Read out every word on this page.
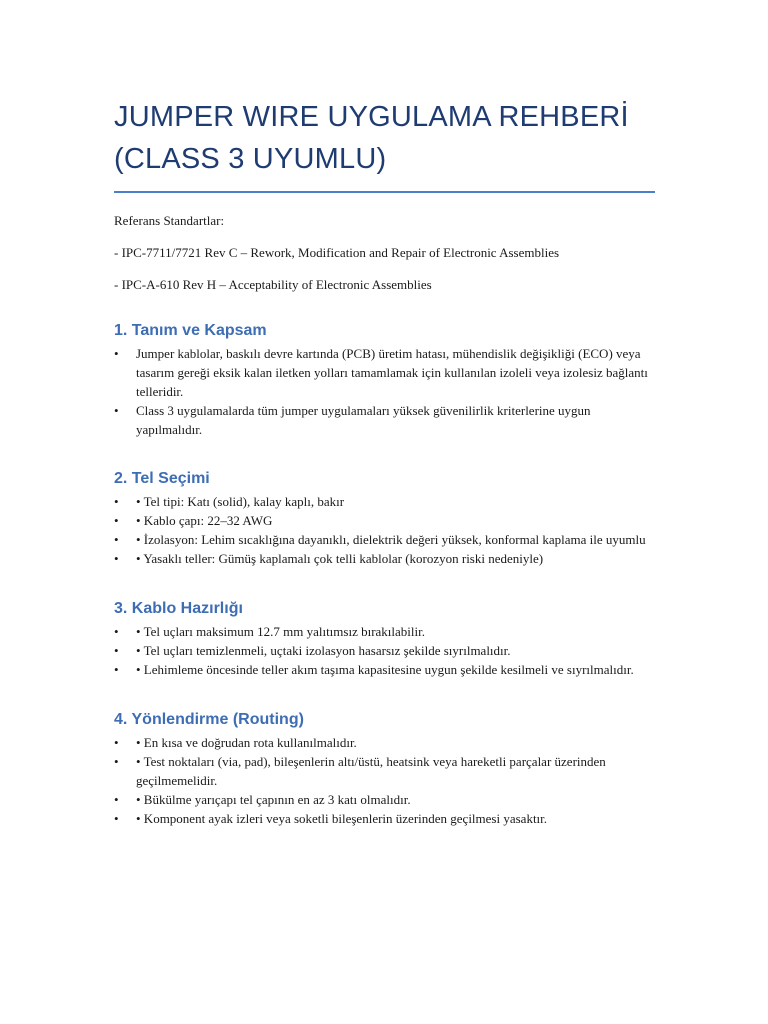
JUMPER WIRE UYGULAMA REHBERİ
(CLASS 3 UYUMLU)

Referans Standartlar:

- IPC-7711/7721 Rev C – Rework, Modification and Repair of Electronic Assemblies

- IPC-A-610 Rev H – Acceptability of Electronic Assemblies

1. Tanım ve Kapsam
• Jumper kablolar, baskılı devre kartında (PCB) üretim hatası, mühendislik değişikliği (ECO) veya tasarım gereği eksik kalan iletken yolları tamamlamak için kullanılan izoleli veya izolesiz bağlantı telleridir.
• Class 3 uygulamalarda tüm jumper uygulamaları yüksek güvenilirlik kriterlerine uygun yapılmalıdır.
2. Tel Seçimi
• • Tel tipi: Katı (solid), kalay kaplı, bakır
• • Kablo çapı: 22–32 AWG
• • İzolasyon: Lehim sıcaklığına dayanıklı, dielektrik değeri yüksek, konformal kaplama ile uyumlu
• • Yasaklı teller: Gümüş kaplamalı çok telli kablolar (korozyon riski nedeniyle)
3. Kablo Hazırlığı
• • Tel uçları maksimum 12.7 mm yalıtımsız bırakılabilir.
• • Tel uçları temizlenmeli, uçtaki izolasyon hasarsız şekilde sıyrılmalıdır.
• • Lehimleme öncesinde teller akım taşıma kapasitesine uygun şekilde kesilmeli ve sıyrılmalıdır.
4. Yönlendirme (Routing)
• • En kısa ve doğrudan rota kullanılmalıdır.
• • Test noktaları (via, pad), bileşenlerin altı/üstü, heatsink veya hareketli parçalar üzerinden geçilmemelidir.
• • Bükülme yarıçapı tel çapının en az 3 katı olmalıdır.
• • Komponent ayak izleri veya soketli bileşenlerin üzerinden geçilmesi yasaktır.
